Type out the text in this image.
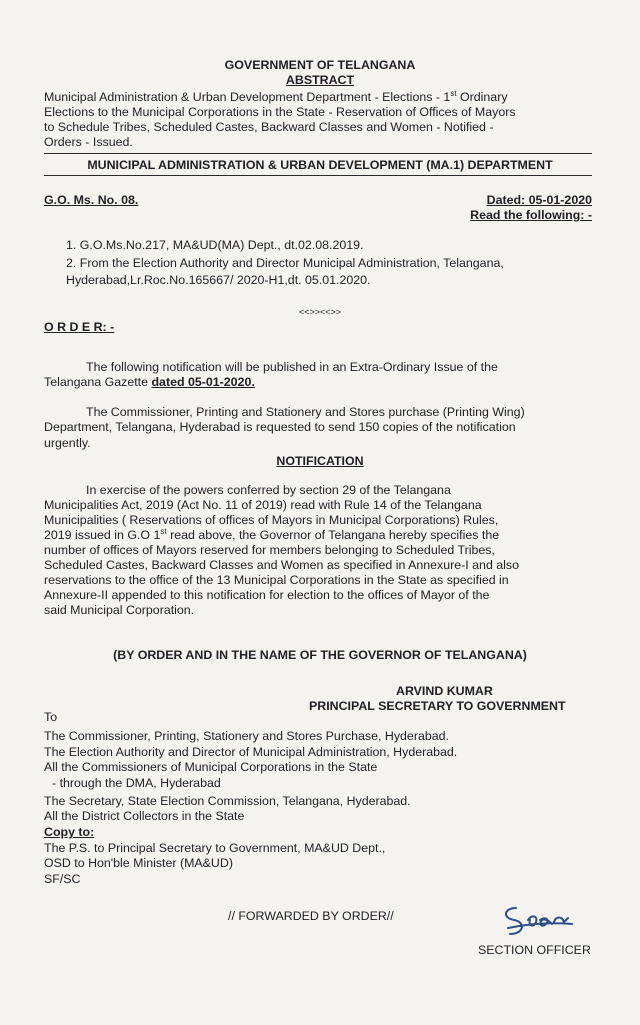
GOVERNMENT OF TELANGANA
ABSTRACT
Municipal Administration & Urban Development Department - Elections - 1st Ordinary
Elections to the Municipal Corporations in the State - Reservation of Offices of Mayors
to Schedule Tribes, Scheduled Castes, Backward Classes and Women - Notified -
Orders - Issued.
MUNICIPAL ADMINISTRATION & URBAN DEVELOPMENT (MA.1) DEPARTMENT
G.O. Ms. No. 08.	Dated: 05-01-2020
Read the following: -
1. G.O.Ms.No.217, MA&UD(MA) Dept., dt.02.08.2019.
2. From the Election Authority and Director Municipal Administration, Telangana,
Hyderabad,Lr.Roc.No.165667/ 2020-H1,dt. 05.01.2020.
<<>><<>>
O R D E R: -
The following notification will be published in an Extra-Ordinary Issue of the
Telangana Gazette dated 05-01-2020.
The Commissioner, Printing and Stationery and Stores purchase (Printing Wing)
Department, Telangana, Hyderabad is requested to send 150 copies of the notification
urgently.
NOTIFICATION
In exercise of the powers conferred by section 29 of the Telangana
Municipalities Act, 2019 (Act No. 11 of 2019) read with Rule 14 of the Telangana
Municipalities ( Reservations of offices of Mayors in Municipal Corporations) Rules,
2019 issued in G.O 1st read above, the Governor of Telangana hereby specifies the
number of offices of Mayors reserved for members belonging to Scheduled Tribes,
Scheduled Castes, Backward Classes and Women as specified in Annexure-I and also
reservations to the office of the 13 Municipal Corporations in the State as specified in
Annexure-II appended to this notification for election to the offices of Mayor of the
said Municipal Corporation.
(BY ORDER AND IN THE NAME OF THE GOVERNOR OF TELANGANA)
ARVIND KUMAR
PRINCIPAL SECRETARY TO GOVERNMENT
To
The Commissioner, Printing, Stationery and Stores Purchase, Hyderabad.
The Election Authority and Director of Municipal Administration, Hyderabad.
All the Commissioners of Municipal Corporations in the State
- through the DMA, Hyderabad
The Secretary, State Election Commission, Telangana, Hyderabad.
All the District Collectors in the State
Copy to:
The P.S. to Principal Secretary to Government, MA&UD Dept.,
OSD to Hon'ble Minister (MA&UD)
SF/SC
// FORWARDED BY ORDER//
SECTION OFFICER
